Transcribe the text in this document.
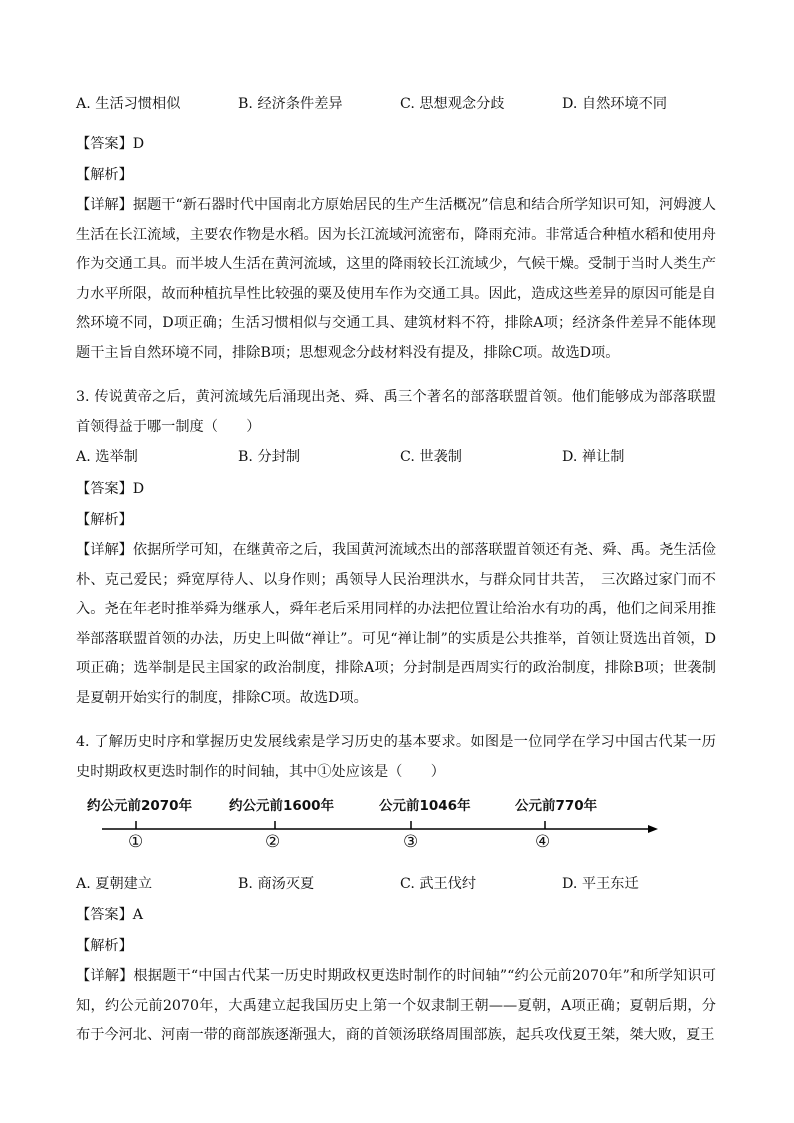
A. 生活习惯相似	B. 经济条件差异	C. 思想观念分歧	D. 自然环境不同
【答案】D
【解析】
【详解】据题干“新石器时代中国南北方原始居民的生产生活概况”信息和结合所学知识可知，河姆渡人生活在长江流域，主要农作物是水稻。因为长江流域河流密布，降雨充沛。非常适合种植水稻和使用舟作为交通工具。而半坡人生活在黄河流域，这里的降雨较长江流域少，气候干燥。受制于当时人类生产力水平所限，故而种植抗旱性比较强的粟及使用车作为交通工具。因此，造成这些差异的原因可能是自然环境不同，D项正确；生活习惯相似与交通工具、建筑材料不符，排除A项；经济条件差异不能体现题干主旨自然环境不同，排除B项；思想观念分歧材料没有提及，排除C项。故选D项。
3. 传说黄帝之后，黄河流域先后涌现出尧、舜、禹三个著名的部落联盟首领。他们能够成为部落联盟首领得益于哪一制度（　　）
A. 选举制	B. 分封制	C. 世袭制	D. 禅让制
【答案】D
【解析】
【详解】依据所学可知，在继黄帝之后，我国黄河流域杰出的部落联盟首领还有尧、舜、禹。尧生活俭朴、克己爱民；舜宽厚待人、以身作则；禹领导人民治理洪水，与群众同甘共苦，　三次路过家门而不入。尧在年老时推举舜为继承人，舜年老后采用同样的办法把位置让给治水有功的禹，他们之间采用推举部落联盟首领的办法，历史上叫做“禅让”。可见“禅让制”的实质是公共推举，首领让贤选出首领，D项正确；选举制是民主国家的政治制度，排除A项；分封制是西周实行的政治制度，排除B项；世袭制是夏朝开始实行的制度，排除C项。故选D项。
4. 了解历史时序和掌握历史发展线索是学习历史的基本要求。如图是一位同学在学习中国古代某一历史时期政权更迭时制作的时间轴，其中①处应该是（　　）
约公元前2070年	约公元前1600年	公元前1046年	公元前770年
①	②	③	④
A. 夏朝建立	B. 商汤灭夏	C. 武王伐纣	D. 平王东迁
【答案】A
【解析】
【详解】根据题干“中国古代某一历史时期政权更迭时制作的时间轴”“约公元前2070年”和所学知识可知，约公元前2070年，大禹建立起我国历史上第一个奴隶制王朝——夏朝，A项正确；夏朝后期，分布于今河北、河南一带的商部族逐渐强大，商的首领汤联络周围部族，起兵攻伐夏王桀，桀大败，夏王
